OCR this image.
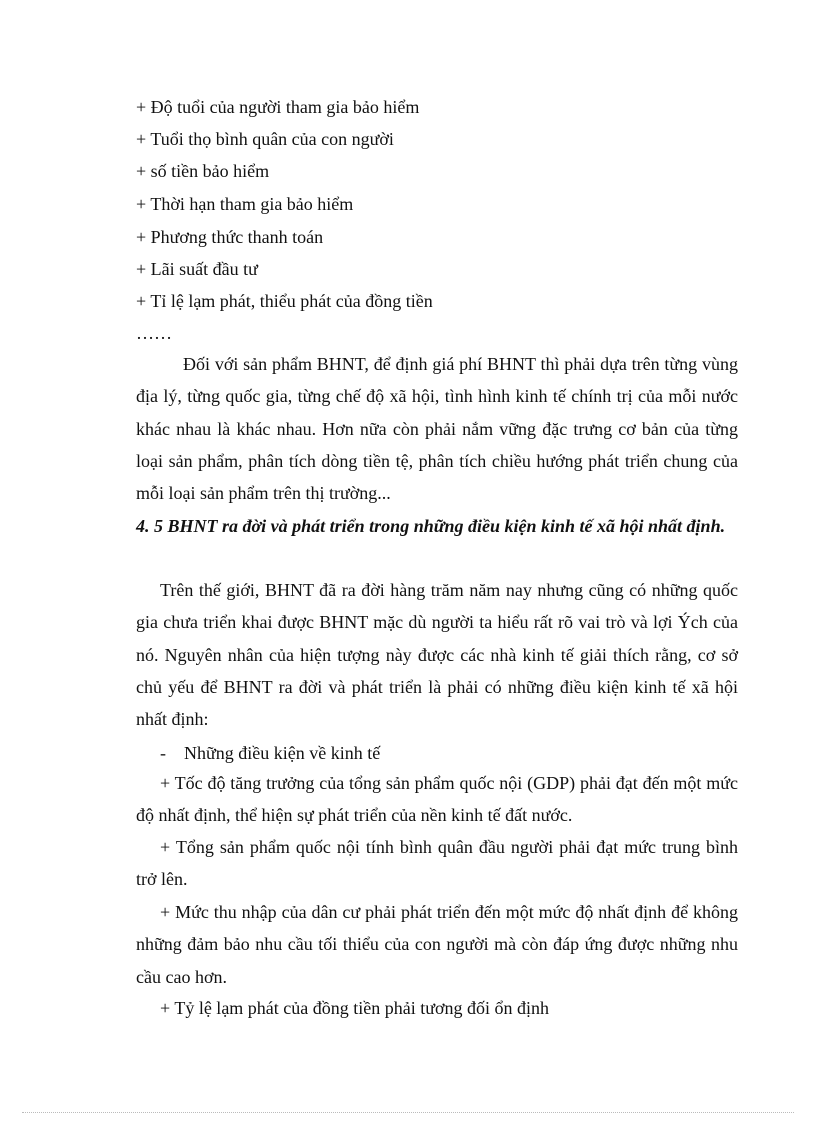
+ Độ tuổi của người tham gia bảo hiểm
+ Tuổi thọ bình quân của con người
+ số tiền bảo hiểm
+ Thời hạn tham gia bảo hiểm
+ Phương thức thanh toán
+ Lãi suất đầu tư
+ Tỉ lệ lạm phát, thiểu phát của đồng tiền
……
Đối với sản phẩm BHNT, để định giá phí BHNT thì phải dựa trên từng vùng địa lý, từng quốc gia, từng chế độ xã hội, tình hình kinh tế chính trị của mỗi nước khác nhau là khác nhau. Hơn nữa còn phải nắm vững đặc trưng cơ bản của từng loại sản phẩm, phân tích dòng tiền tệ, phân tích chiều hướng phát triển chung của mỗi loại sản phẩm trên thị trường...
4. 5 BHNT ra đời và phát triển trong những điều kiện kinh tế xã hội nhất định.
Trên thế giới, BHNT đã ra đời hàng trăm năm nay nhưng cũng có những quốc gia chưa triển khai được BHNT mặc dù người ta hiểu rất rõ vai trò và lợi Ých của nó. Nguyên nhân của hiện tượng này được các nhà kinh tế giải thích rằng, cơ sở chủ yếu để BHNT ra đời và phát triển là phải có những điều kiện kinh tế xã hội nhất định:
- Những điều kiện về kinh tế
+ Tốc độ tăng trưởng của tổng sản phẩm quốc nội (GDP) phải đạt đến một mức độ nhất định, thể hiện sự phát triển của nền kinh tế đất nước.
+ Tổng sản phẩm quốc nội tính bình quân đầu người phải đạt mức trung bình trở lên.
+ Mức thu nhập của dân cư phải phát triển đến một mức độ nhất định để không những đảm bảo nhu cầu tối thiểu của con người mà còn đáp ứng được những nhu cầu cao hơn.
+ Tỷ lệ lạm phát của đồng tiền phải tương đối ổn định
